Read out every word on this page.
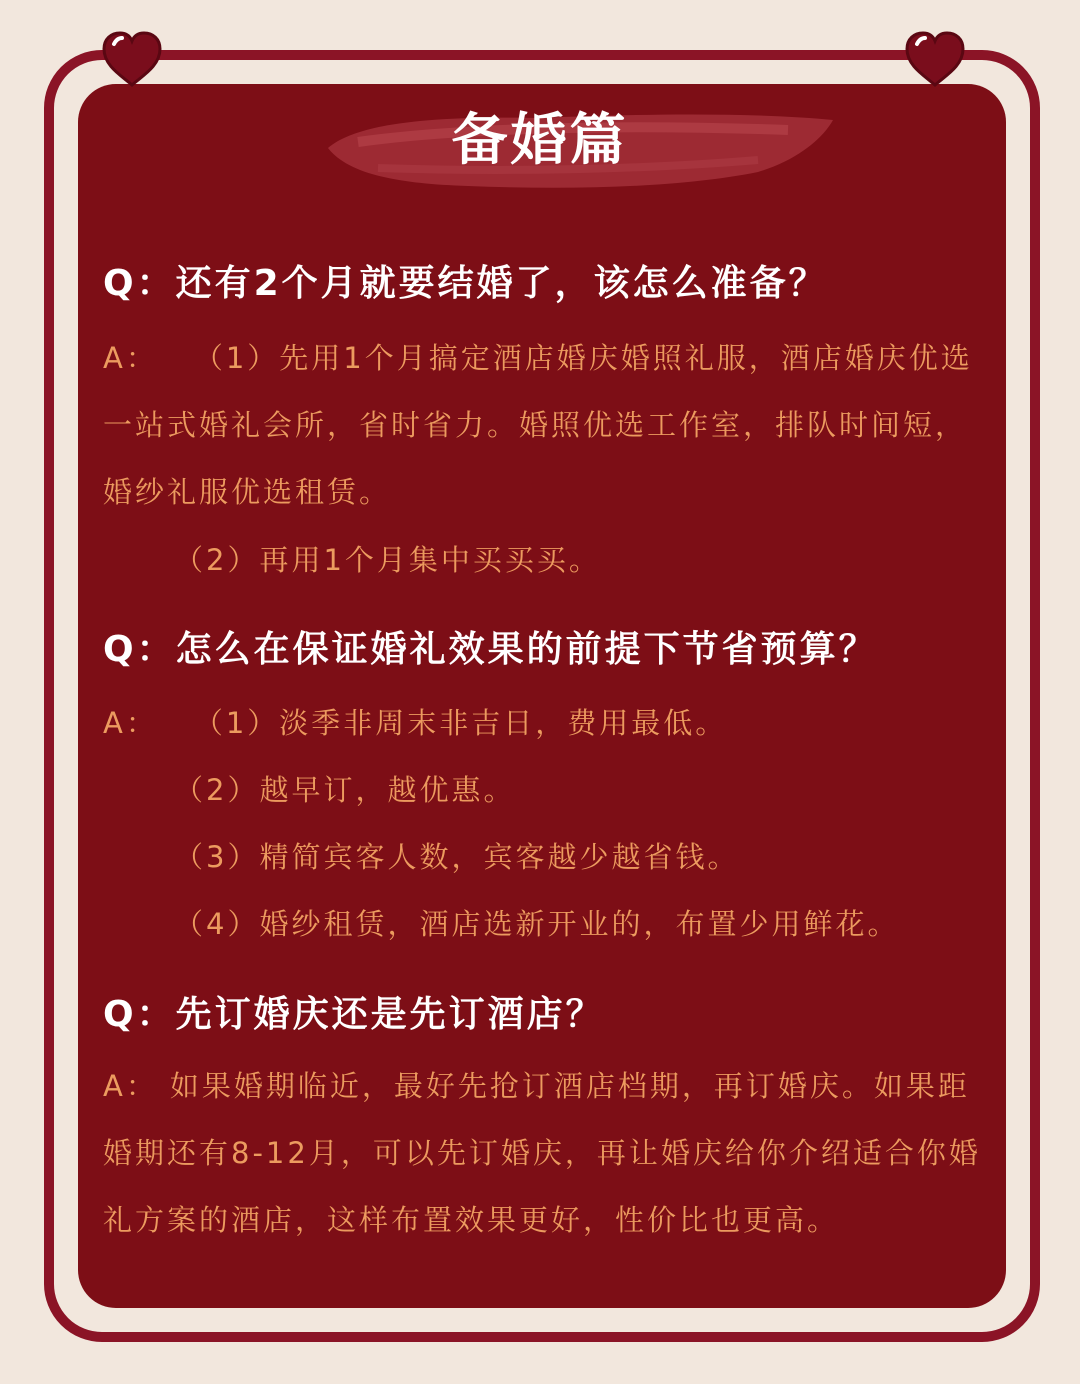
备婚篇
Q：还有2个月就要结婚了，该怎么准备？
A： （1）先用1个月搞定酒店婚庆婚照礼服，酒店婚庆优选一站式婚礼会所，省时省力。婚照优选工作室，排队时间短，婚纱礼服优选租赁。
（2）再用1个月集中买买买。
Q：怎么在保证婚礼效果的前提下节省预算？
A： （1）淡季非周末非吉日，费用最低。
（2）越早订，越优惠。
（3）精简宾客人数，宾客越少越省钱。
（4）婚纱租赁，酒店选新开业的，布置少用鲜花。
Q：先订婚庆还是先订酒店？
A： 如果婚期临近，最好先抢订酒店档期，再订婚庆。如果距婚期还有8-12月，可以先订婚庆，再让婚庆给你介绍适合你婚礼方案的酒店，这样布置效果更好，性价比也更高。
